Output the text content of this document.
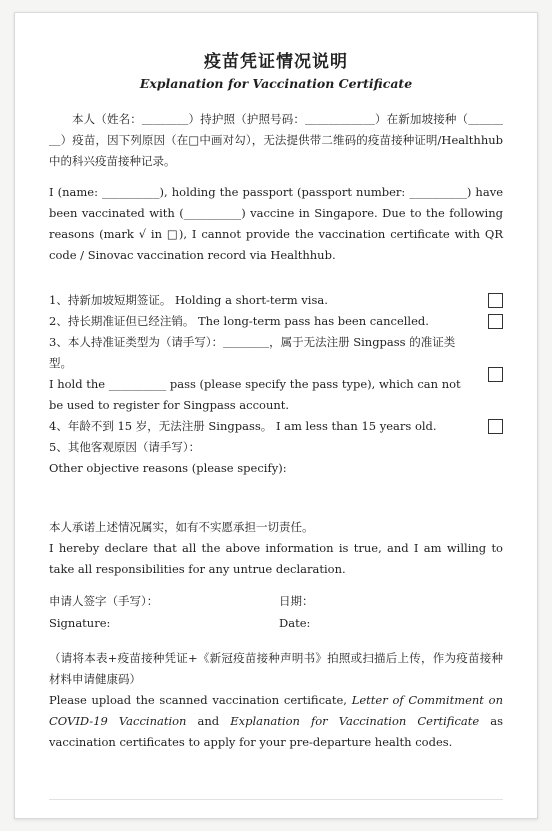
疫苗凭证情况说明
Explanation for Vaccination Certificate

本人（姓名：＿＿＿＿）持护照（护照号码：＿＿＿＿＿＿）在新加坡接种（＿＿＿＿）疫苗，因下列原因（在□中画对勾），无法提供带二维码的疫苗接种证明/Healthhub中的科兴疫苗接种记录。

I (name: __________), holding the passport (passport number: __________) have been vaccinated with (__________) vaccine in Singapore. Due to the following reasons (mark √ in □), I cannot provide the vaccination certificate with QR code / Sinovac vaccination record via Healthhub.

1、持新加坡短期签证。 Holding a short-term visa.
2、持长期准证但已经注销。 The long-term pass has been cancelled.
3、本人持准证类型为（请手写）：＿＿＿＿，属于无法注册 Singpass 的准证类型。
I hold the __________ pass (please specify the pass type), which can not be used to register for Singpass account.
4、年龄不到 15 岁，无法注册 Singpass。 I am less than 15 years old.
5、其他客观原因（请手写）：
Other objective reasons (please specify):

本人承诺上述情况属实，如有不实愿承担一切责任。

I hereby declare that all the above information is true, and I am willing to take all responsibilities for any untrue declaration.

申请人签字（手写）：	日期：
Signature:	Date:

（请将本表+疫苗接种凭证+《新冠疫苗接种声明书》拍照或扫描后上传，作为疫苗接种材料申请健康码）

Please upload the scanned vaccination certificate, Letter of Commitment on COVID-19 Vaccination and Explanation for Vaccination Certificate as vaccination certificates to apply for your pre-departure health codes.
